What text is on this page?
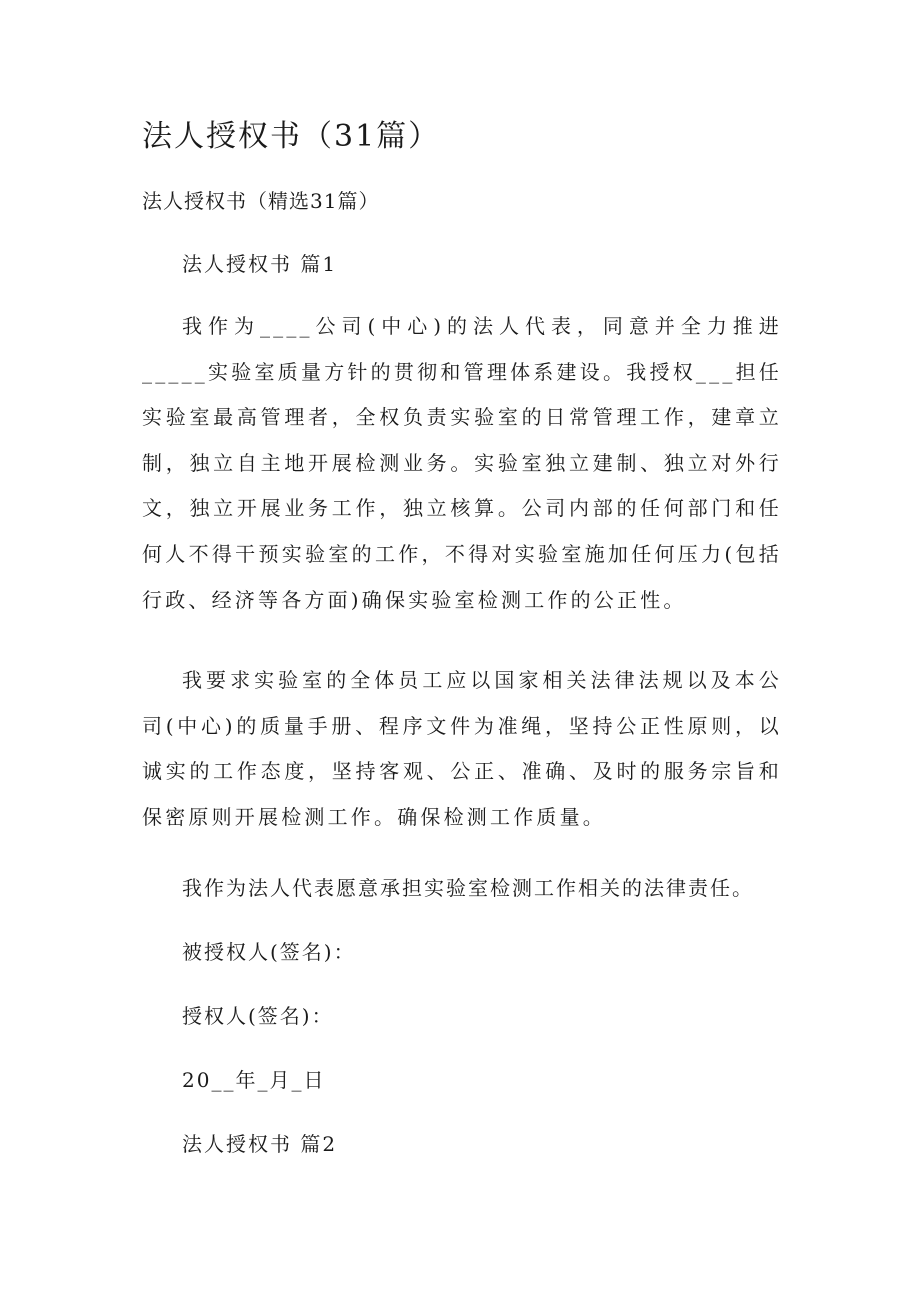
法人授权书（31篇）
法人授权书（精选31篇）
法人授权书 篇1

我作为____公司(中心)的法人代表，同意并全力推进_____实验室质量方针的贯彻和管理体系建设。我授权___担任实验室最高管理者，全权负责实验室的日常管理工作，建章立制，独立自主地开展检测业务。实验室独立建制、独立对外行文，独立开展业务工作，独立核算。公司内部的任何部门和任何人不得干预实验室的工作，不得对实验室施加任何压力(包括行政、经济等各方面)确保实验室检测工作的公正性。

我要求实验室的全体员工应以国家相关法律法规以及本公司(中心)的质量手册、程序文件为准绳，坚持公正性原则，以诚实的工作态度，坚持客观、公正、准确、及时的服务宗旨和保密原则开展检测工作。确保检测工作质量。

我作为法人代表愿意承担实验室检测工作相关的法律责任。
被授权人(签名)：
授权人(签名)：
20__年_月_日
法人授权书 篇2
